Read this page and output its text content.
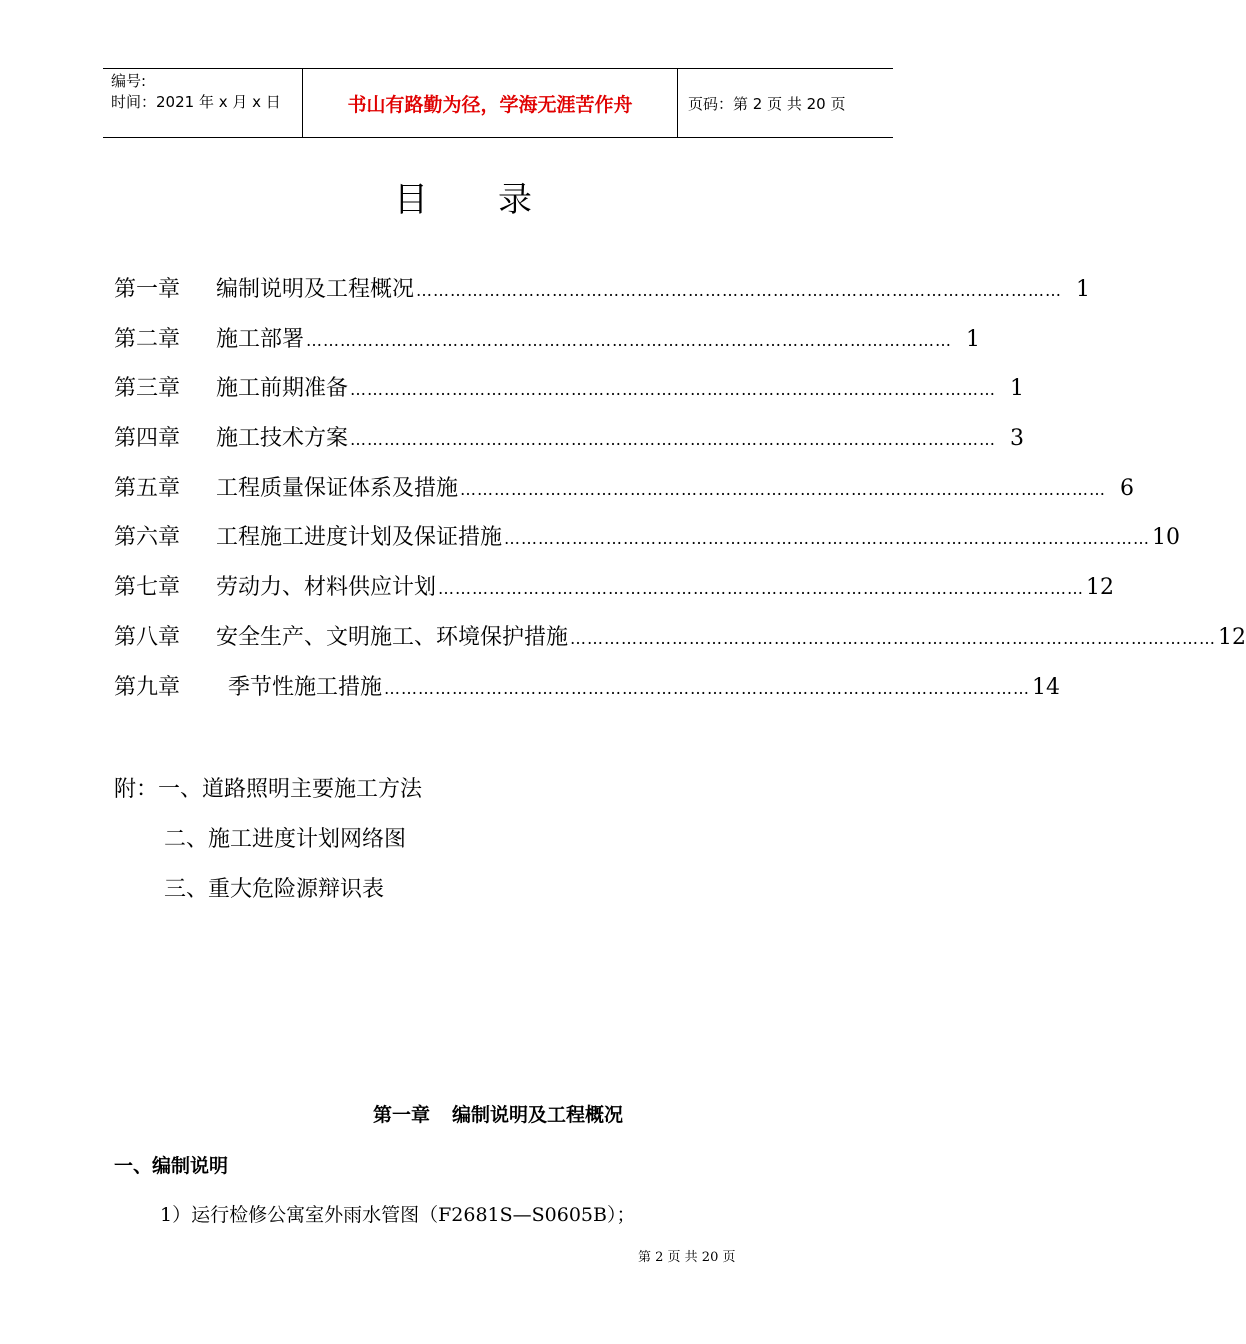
编号:
时间：2021 年 x 月 x 日	书山有路勤为径，学海无涯苦作舟	页码：第 2 页 共 20 页
目录
第一章	编制说明及工程概况 …………………………………………………………………………………………………… 1
第二章	施工部署 …………………………………………………………………………………………………… 1
第三章	施工前期准备 …………………………………………………………………………………………………… 1
第四章	施工技术方案 …………………………………………………………………………………………………… 3
第五章	工程质量保证体系及措施 …………………………………………………………………………………………………… 6
第六章	工程施工进度计划及保证措施 …………………………………………………………………………………………………… 10
第七章	劳动力、材料供应计划 …………………………………………………………………………………………………… 12
第八章	安全生产、文明施工、环境保护措施 …………………………………………………………………………………………………… 12
第九章	季节性施工措施 …………………………………………………………………………………………………… 14
附：一、道路照明主要施工方法
二、施工进度计划网络图
三、重大危险源辩识表
第一章 编制说明及工程概况
一、编制说明
1）运行检修公寓室外雨水管图（F2681S—S0605B）；
第 2 页 共 20 页
